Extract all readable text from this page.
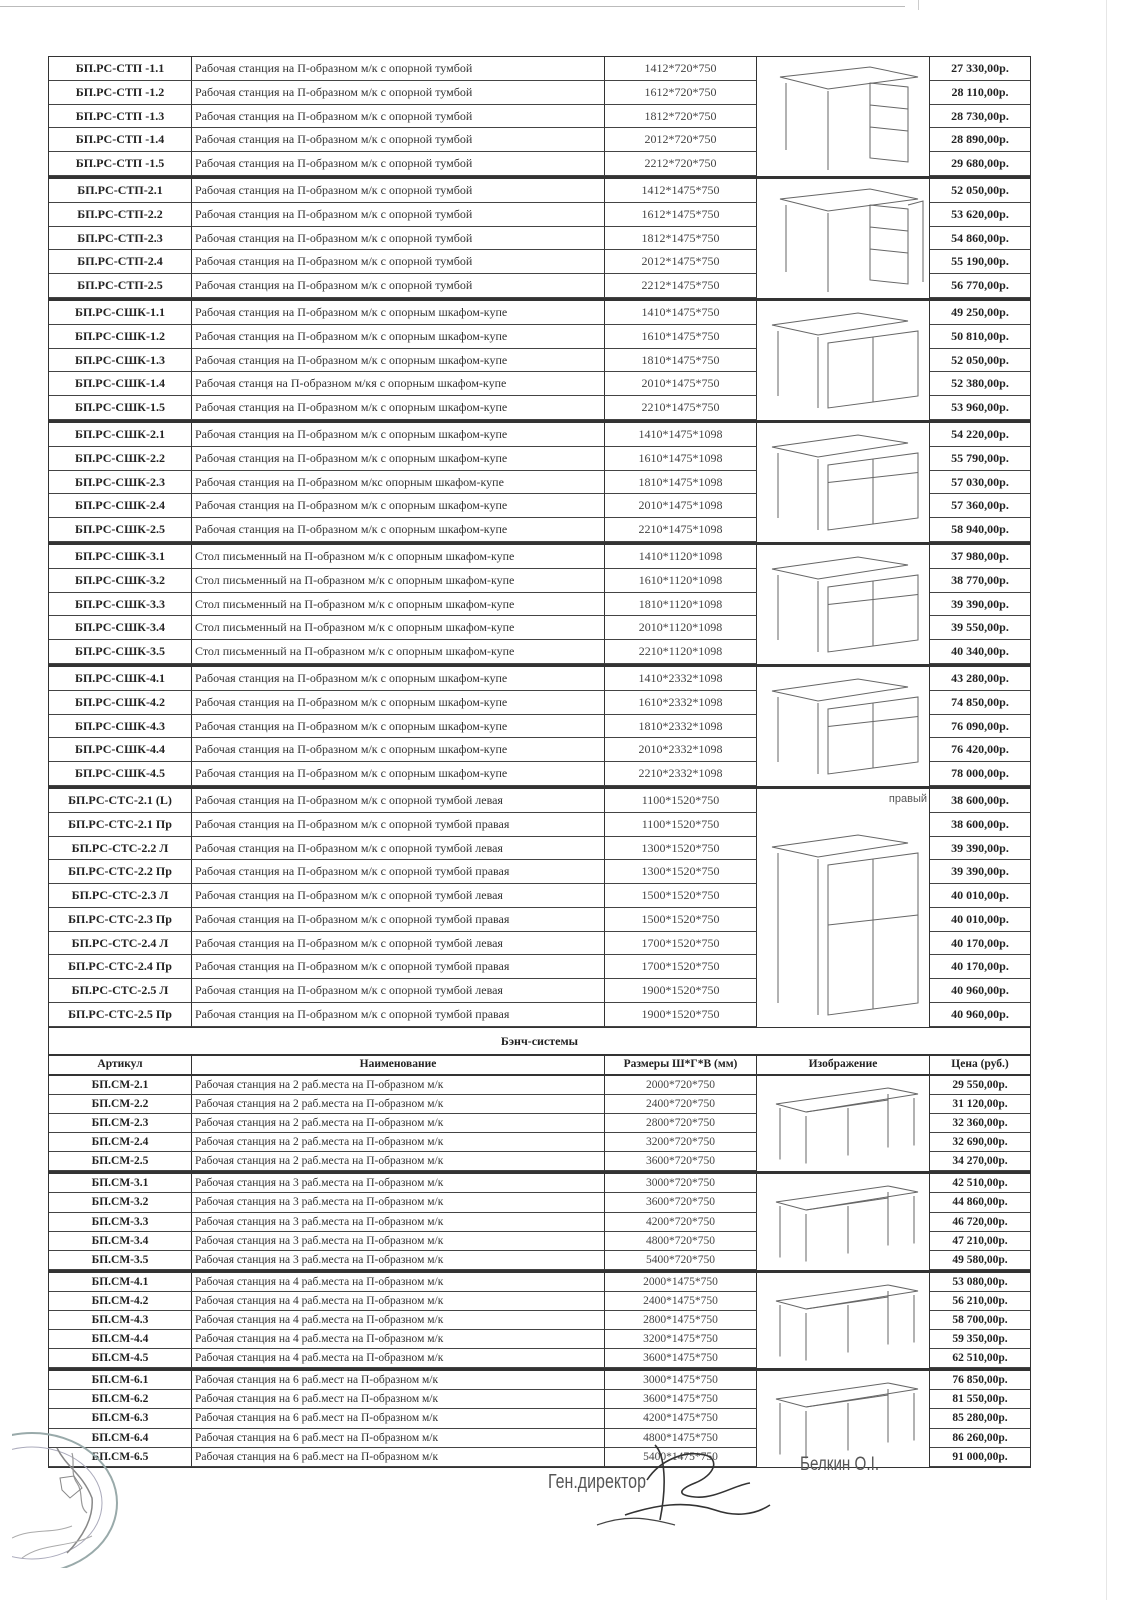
БП.РС-СТП -1.1	Рабочая станция на П-образном м/к с опорной тумбой	1412*720*750	27 330,00р.
БП.РС-СТП -1.2	Рабочая станция на П-образном м/к с опорной тумбой	1612*720*750	28 110,00р.
БП.РС-СТП -1.3	Рабочая станция на П-образном м/к с опорной тумбой	1812*720*750	28 730,00р.
БП.РС-СТП -1.4	Рабочая станция на П-образном м/к с опорной тумбой	2012*720*750	28 890,00р.
БП.РС-СТП -1.5	Рабочая станция на П-образном м/к с опорной тумбой	2212*720*750	29 680,00р.
БП.РС-СТП-2.1	Рабочая станция на П-образном м/к с опорной тумбой	1412*1475*750	52 050,00р.
БП.РС-СТП-2.2	Рабочая станция на П-образном м/к с опорной тумбой	1612*1475*750	53 620,00р.
БП.РС-СТП-2.3	Рабочая станция на П-образном м/к с опорной тумбой	1812*1475*750	54 860,00р.
БП.РС-СТП-2.4	Рабочая станция на П-образном м/к с опорной тумбой	2012*1475*750	55 190,00р.
БП.РС-СТП-2.5	Рабочая станция на П-образном м/к с опорной тумбой	2212*1475*750	56 770,00р.
БП.РС-СШК-1.1	Рабочая станция на П-образном м/к с опорным шкафом-купе	1410*1475*750	49 250,00р.
БП.РС-СШК-1.2	Рабочая станция на П-образном м/к с опорным шкафом-купе	1610*1475*750	50 810,00р.
БП.РС-СШК-1.3	Рабочая станция на П-образном м/к с опорным шкафом-купе	1810*1475*750	52 050,00р.
БП.РС-СШК-1.4	Рабочая станця на П-образном м/кя с опорным шкафом-купе	2010*1475*750	52 380,00р.
БП.РС-СШК-1.5	Рабочая станция на П-образном м/к с опорным шкафом-купе	2210*1475*750	53 960,00р.
БП.РС-СШК-2.1	Рабочая станция на П-образном м/к с опорным шкафом-купе	1410*1475*1098	54 220,00р.
БП.РС-СШК-2.2	Рабочая станция на П-образном м/к с опорным шкафом-купе	1610*1475*1098	55 790,00р.
БП.РС-СШК-2.3	Рабочая станция на П-образном м/кс опорным шкафом-купе	1810*1475*1098	57 030,00р.
БП.РС-СШК-2.4	Рабочая станция на П-образном м/к с опорным шкафом-купе	2010*1475*1098	57 360,00р.
БП.РС-СШК-2.5	Рабочая станция на П-образном м/к с опорным шкафом-купе	2210*1475*1098	58 940,00р.
БП.РС-СШК-3.1	Стол письменный на П-образном м/к с опорным шкафом-купе	1410*1120*1098	37 980,00р.
БП.РС-СШК-3.2	Стол письменный на П-образном м/к с опорным шкафом-купе	1610*1120*1098	38 770,00р.
БП.РС-СШК-3.3	Стол письменный на П-образном м/к с опорным шкафом-купе	1810*1120*1098	39 390,00р.
БП.РС-СШК-3.4	Стол письменный на П-образном м/к с опорным шкафом-купе	2010*1120*1098	39 550,00р.
БП.РС-СШК-3.5	Стол письменный на П-образном м/к с опорным шкафом-купе	2210*1120*1098	40 340,00р.
БП.РС-СШК-4.1	Рабочая станция на П-образном м/к с опорным шкафом-купе	1410*2332*1098	43 280,00р.
БП.РС-СШК-4.2	Рабочая станция на П-образном м/к с опорным шкафом-купе	1610*2332*1098	74 850,00р.
БП.РС-СШК-4.3	Рабочая станция на П-образном м/к с опорным шкафом-купе	1810*2332*1098	76 090,00р.
БП.РС-СШК-4.4	Рабочая станция на П-образном м/к с опорным шкафом-купе	2010*2332*1098	76 420,00р.
БП.РС-СШК-4.5	Рабочая станция на П-образном м/к с опорным шкафом-купе	2210*2332*1098	78 000,00р.
БП.РС-СТС-2.1 (L)	Рабочая станция на П-образном м/к с опорной тумбой левая	1100*1520*750	38 600,00р.
БП.РС-СТС-2.1 Пр	Рабочая станция на П-образном м/к с опорной тумбой правая	1100*1520*750	38 600,00р.
БП.РС-СТС-2.2 Л	Рабочая станция на П-образном м/к с опорной тумбой левая	1300*1520*750	39 390,00р.
БП.РС-СТС-2.2 Пр	Рабочая станция на П-образном м/к с опорной тумбой правая	1300*1520*750	39 390,00р.
БП.РС-СТС-2.3 Л	Рабочая станция на П-образном м/к с опорной тумбой левая	1500*1520*750	40 010,00р.
БП.РС-СТС-2.3 Пр	Рабочая станция на П-образном м/к с опорной тумбой правая	1500*1520*750	40 010,00р.
БП.РС-СТС-2.4 Л	Рабочая станция на П-образном м/к с опорной тумбой левая	1700*1520*750	40 170,00р.
БП.РС-СТС-2.4 Пр	Рабочая станция на П-образном м/к с опорной тумбой правая	1700*1520*750	40 170,00р.
БП.РС-СТС-2.5 Л	Рабочая станция на П-образном м/к с опорной тумбой левая	1900*1520*750	40 960,00р.
БП.РС-СТС-2.5 Пр	Рабочая станция на П-образном м/к с опорной тумбой правая	1900*1520*750	40 960,00р.
правый
Бэнч-системы
Артикул	Наименование	Размеры Ш*Г*В (мм)	Изображение	Цена (руб.)
БП.СМ-2.1	Рабочая станция на 2 раб.места на П-образном м/к	2000*720*750	29 550,00р.
БП.СМ-2.2	Рабочая станция на 2 раб.места на П-образном м/к	2400*720*750	31 120,00р.
БП.СМ-2.3	Рабочая станция на 2 раб.места на П-образном м/к	2800*720*750	32 360,00р.
БП.СМ-2.4	Рабочая станция на 2 раб.места на П-образном м/к	3200*720*750	32 690,00р.
БП.СМ-2.5	Рабочая станция на 2 раб.места на П-образном м/к	3600*720*750	34 270,00р.
БП.СМ-3.1	Рабочая станция на 3 раб.места на П-образном м/к	3000*720*750	42 510,00р.
БП.СМ-3.2	Рабочая станция на 3 раб.места на П-образном м/к	3600*720*750	44 860,00р.
БП.СМ-3.3	Рабочая станция на 3 раб.места на П-образном м/к	4200*720*750	46 720,00р.
БП.СМ-3.4	Рабочая станция на 3 раб.места на П-образном м/к	4800*720*750	47 210,00р.
БП.СМ-3.5	Рабочая станция на 3 раб.места на П-образном м/к	5400*720*750	49 580,00р.
БП.СМ-4.1	Рабочая станция на 4 раб.места на П-образном м/к	2000*1475*750	53 080,00р.
БП.СМ-4.2	Рабочая станция на 4 раб.места на П-образном м/к	2400*1475*750	56 210,00р.
БП.СМ-4.3	Рабочая станция на 4 раб.места на П-образном м/к	2800*1475*750	58 700,00р.
БП.СМ-4.4	Рабочая станция на 4 раб.места на П-образном м/к	3200*1475*750	59 350,00р.
БП.СМ-4.5	Рабочая станция на 4 раб.места на П-образном м/к	3600*1475*750	62 510,00р.
БП.СМ-6.1	Рабочая станция на 6 раб.мест на П-образном м/к	3000*1475*750	76 850,00р.
БП.СМ-6.2	Рабочая станция на 6 раб.мест на П-образном м/к	3600*1475*750	81 550,00р.
БП.СМ-6.3	Рабочая станция на 6 раб.мест на П-образном м/к	4200*1475*750	85 280,00р.
БП.СМ-6.4	Рабочая станция на 6 раб.мест на П-образном м/к	4800*1475*750	86 260,00р.
БП.СМ-6.5	Рабочая станция на 6 раб.мест на П-образном м/к	5400*1475*750	91 000,00р.
Ген.директор
Белкин О.I.
